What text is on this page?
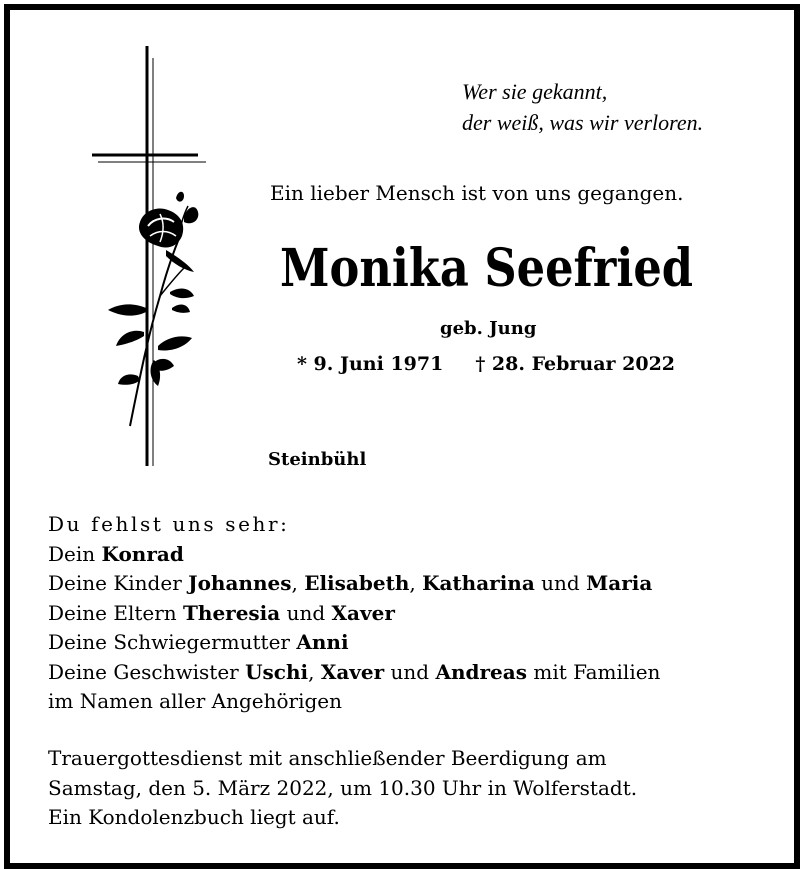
Wer sie gekannt,
der weiß, was wir verloren.
Ein lieber Mensch ist von uns gegangen.
Monika Seefried
geb. Jung
* 9. Juni 1971 † 28. Februar 2022
Steinbühl
Du fehlst uns sehr:
Dein Konrad
Deine Kinder Johannes, Elisabeth, Katharina und Maria
Deine Eltern Theresia und Xaver
Deine Schwiegermutter Anni
Deine Geschwister Uschi, Xaver und Andreas mit Familien
im Namen aller Angehörigen
Trauergottesdienst mit anschließender Beerdigung am
Samstag, den 5. März 2022, um 10.30 Uhr in Wolferstadt.
Ein Kondolenzbuch liegt auf.
